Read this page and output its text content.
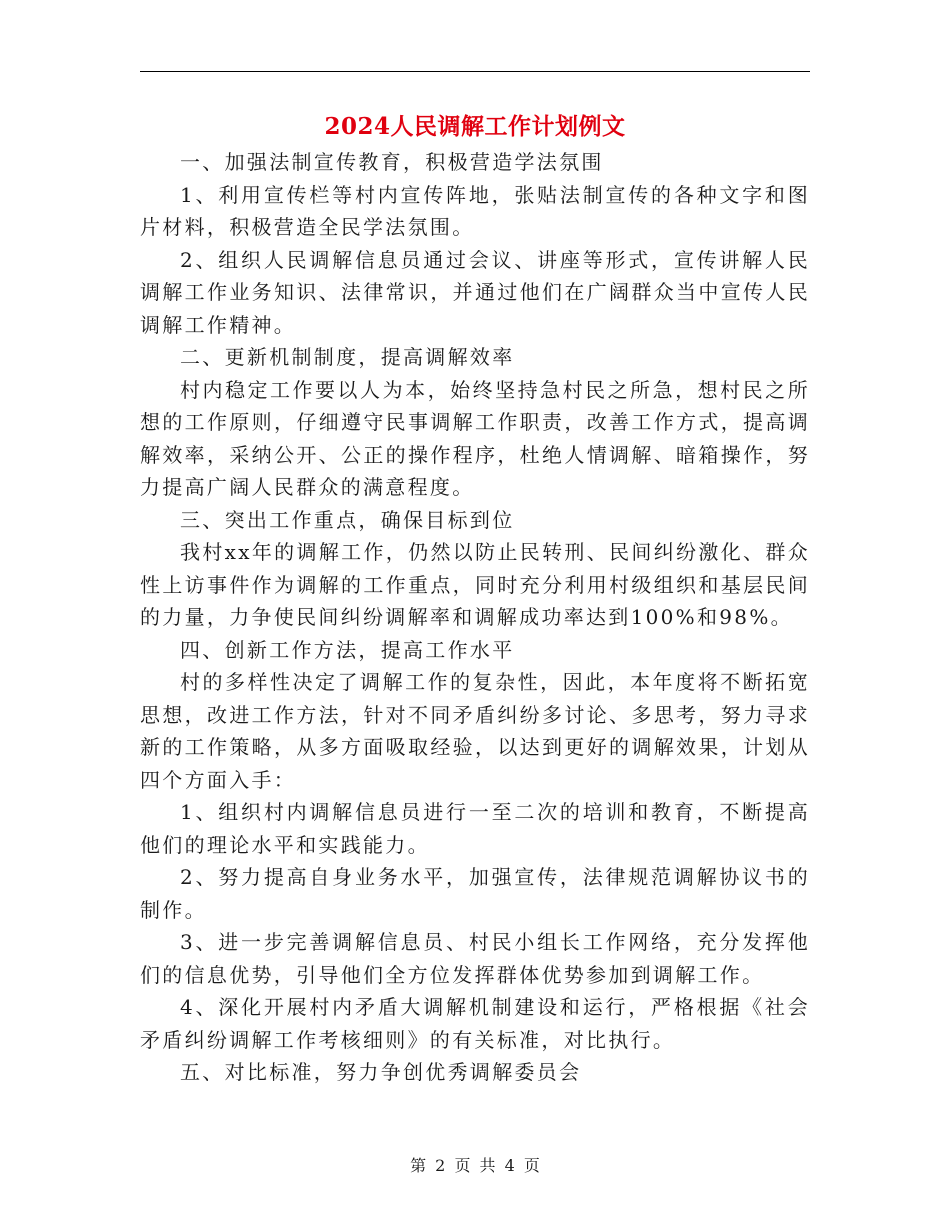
2024人民调解工作计划例文

一、加强法制宣传教育，积极营造学法氛围

1、利用宣传栏等村内宣传阵地，张贴法制宣传的各种文字和图片材料，积极营造全民学法氛围。

2、组织人民调解信息员通过会议、讲座等形式，宣传讲解人民调解工作业务知识、法律常识，并通过他们在广阔群众当中宣传人民调解工作精神。

二、更新机制制度，提高调解效率

村内稳定工作要以人为本，始终坚持急村民之所急，想村民之所想的工作原则，仔细遵守民事调解工作职责，改善工作方式，提高调解效率，采纳公开、公正的操作程序，杜绝人情调解、暗箱操作，努力提高广阔人民群众的满意程度。

三、突出工作重点，确保目标到位

我村xx年的调解工作，仍然以防止民转刑、民间纠纷激化、群众性上访事件作为调解的工作重点，同时充分利用村级组织和基层民间的力量，力争使民间纠纷调解率和调解成功率达到100%和98%。

四、创新工作方法，提高工作水平

村的多样性决定了调解工作的复杂性，因此，本年度将不断拓宽思想，改进工作方法，针对不同矛盾纠纷多讨论、多思考，努力寻求新的工作策略，从多方面吸取经验，以达到更好的调解效果，计划从四个方面入手：

1、组织村内调解信息员进行一至二次的培训和教育，不断提高他们的理论水平和实践能力。

2、努力提高自身业务水平，加强宣传，法律规范调解协议书的制作。

3、进一步完善调解信息员、村民小组长工作网络，充分发挥他们的信息优势，引导他们全方位发挥群体优势参加到调解工作。

4、深化开展村内矛盾大调解机制建设和运行，严格根据《社会矛盾纠纷调解工作考核细则》的有关标准，对比执行。

五、对比标准，努力争创优秀调解委员会

第 2 页 共 4 页
